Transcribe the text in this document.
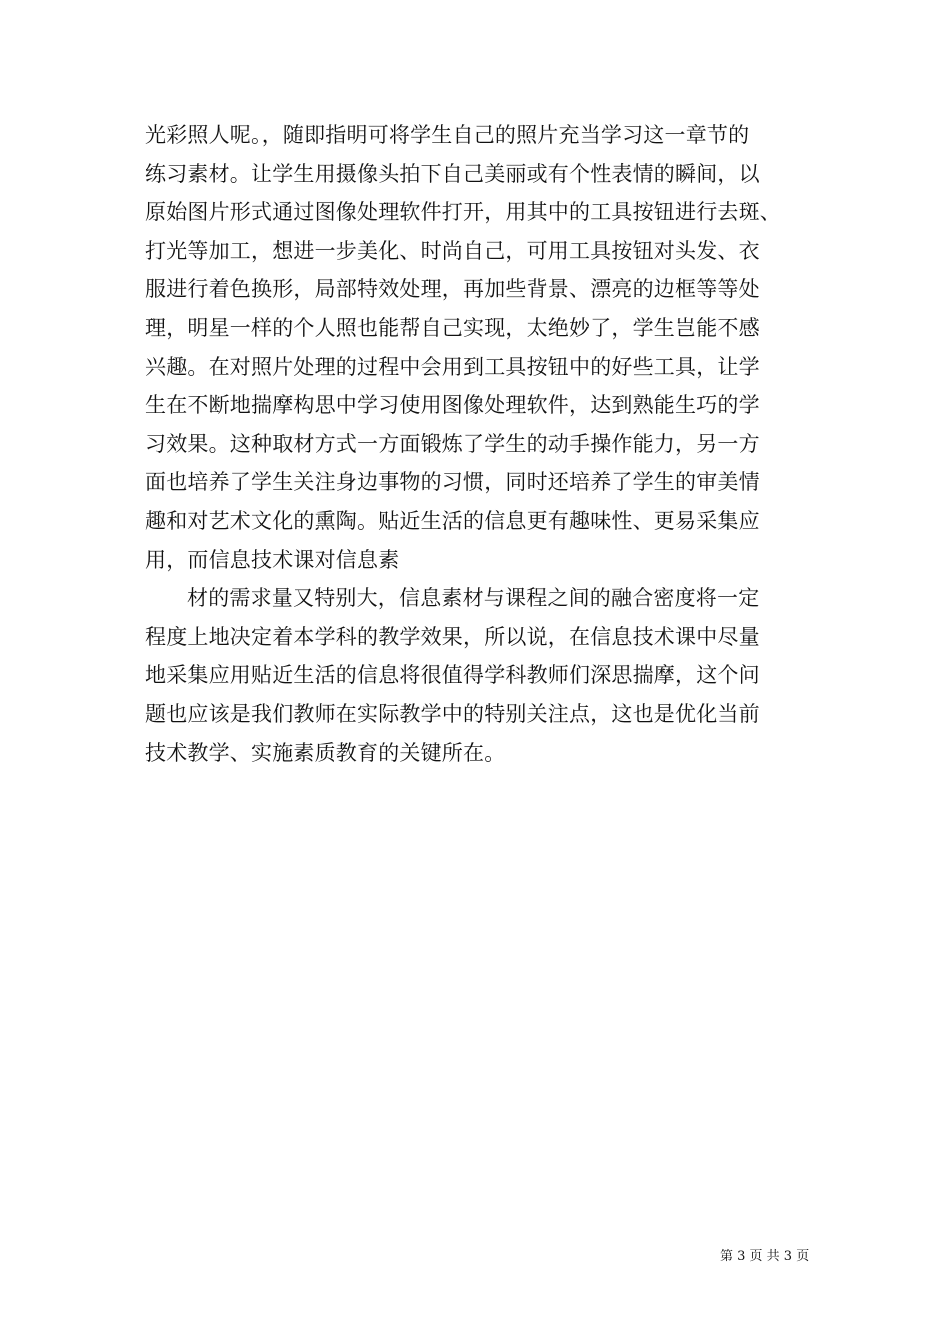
光彩照人呢。，随即指明可将学生自己的照片充当学习这一章节的
练习素材。让学生用摄像头拍下自己美丽或有个性表情的瞬间，以
原始图片形式通过图像处理软件打开，用其中的工具按钮进行去斑、
打光等加工，想进一步美化、时尚自己，可用工具按钮对头发、衣
服进行着色换形，局部特效处理，再加些背景、漂亮的边框等等处
理，明星一样的个人照也能帮自己实现，太绝妙了，学生岂能不感
兴趣。在对照片处理的过程中会用到工具按钮中的好些工具，让学
生在不断地揣摩构思中学习使用图像处理软件，达到熟能生巧的学
习效果。这种取材方式一方面锻炼了学生的动手操作能力，另一方
面也培养了学生关注身边事物的习惯，同时还培养了学生的审美情
趣和对艺术文化的熏陶。贴近生活的信息更有趣味性、更易采集应
用，而信息技术课对信息素
材的需求量又特别大，信息素材与课程之间的融合密度将一定
程度上地决定着本学科的教学效果，所以说，在信息技术课中尽量
地采集应用贴近生活的信息将很值得学科教师们深思揣摩，这个问
题也应该是我们教师在实际教学中的特别关注点，这也是优化当前
技术教学、实施素质教育的关键所在。
第 3 页 共 3 页
